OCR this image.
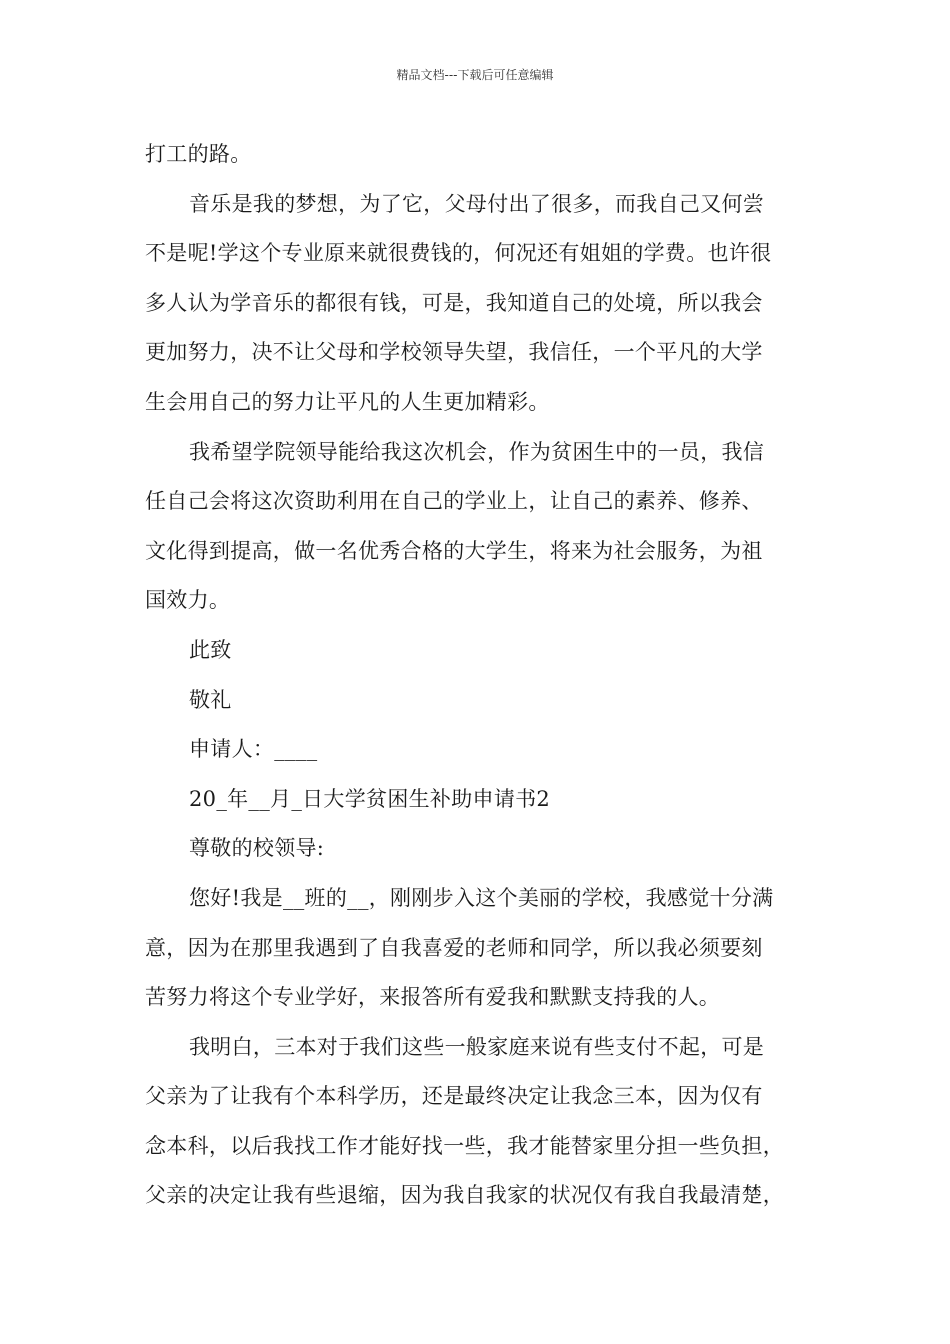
精品文档---下载后可任意编辑
打工的路。
音乐是我的梦想，为了它，父母付出了很多，而我自己又何尝
不是呢!学这个专业原来就很费钱的，何况还有姐姐的学费。也许很
多人认为学音乐的都很有钱，可是，我知道自己的处境，所以我会
更加努力，决不让父母和学校领导失望，我信任，一个平凡的大学
生会用自己的努力让平凡的人生更加精彩。
我希望学院领导能给我这次机会，作为贫困生中的一员，我信
任自己会将这次资助利用在自己的学业上，让自己的素养、修养、
文化得到提高，做一名优秀合格的大学生，将来为社会服务，为祖
国效力。
此致
敬礼
申请人：____
20_年__月_日大学贫困生补助申请书2
尊敬的校领导:
您好!我是__班的__，刚刚步入这个美丽的学校，我感觉十分满
意，因为在那里我遇到了自我喜爱的老师和同学，所以我必须要刻
苦努力将这个专业学好，来报答所有爱我和默默支持我的人。
我明白，三本对于我们这些一般家庭来说有些支付不起，可是
父亲为了让我有个本科学历，还是最终决定让我念三本，因为仅有
念本科，以后我找工作才能好找一些，我才能替家里分担一些负担，
父亲的决定让我有些退缩，因为我自我家的状况仅有我自我最清楚，
